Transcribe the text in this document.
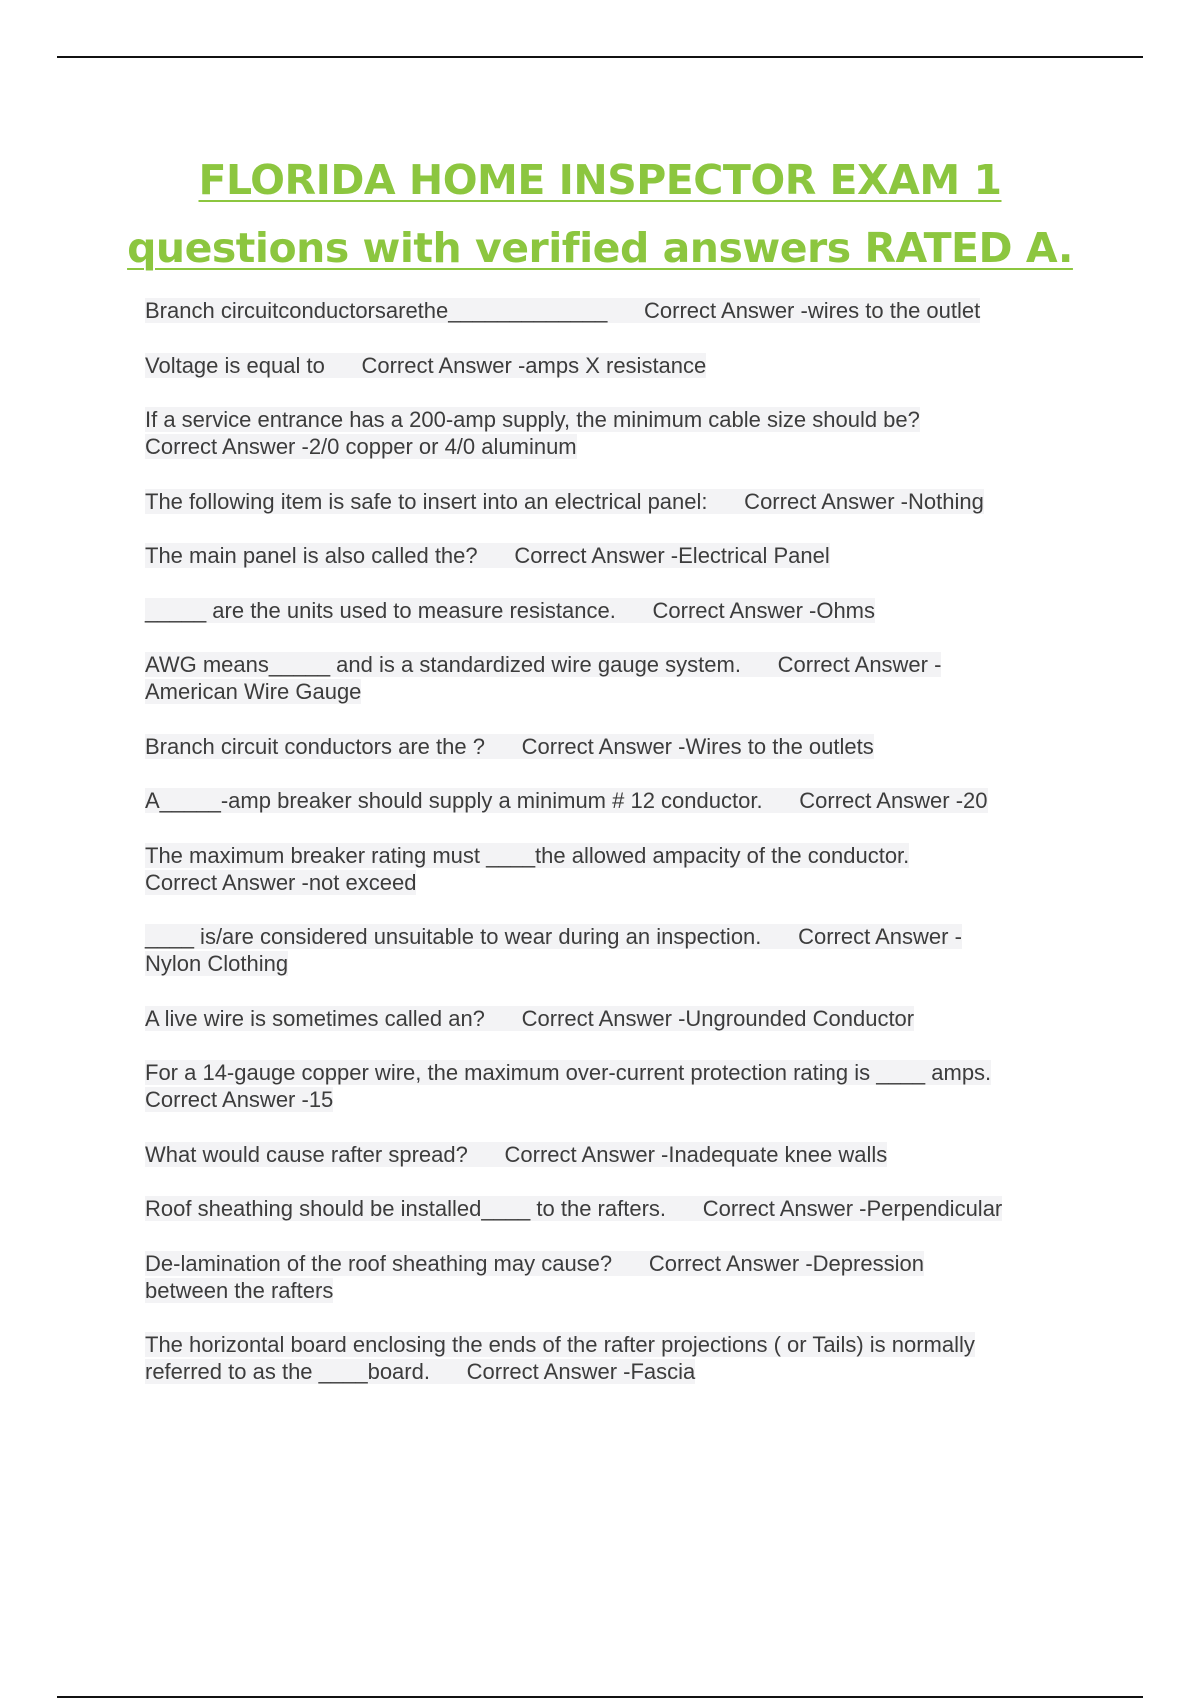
FLORIDA HOME INSPECTOR EXAM 1
questions with verified answers RATED A.
Branch circuitconductorsarethe_____________      Correct Answer -wires to the outlet
Voltage is equal to      Correct Answer -amps X resistance
If a service entrance has a 200-amp supply, the minimum cable size should be?
Correct Answer -2/0 copper or 4/0 aluminum
The following item is safe to insert into an electrical panel:      Correct Answer -Nothing
The main panel is also called the?      Correct Answer -Electrical Panel
_____ are the units used to measure resistance.      Correct Answer -Ohms
AWG means_____ and is a standardized wire gauge system.      Correct Answer -
American Wire Gauge
Branch circuit conductors are the ?      Correct Answer -Wires to the outlets
A_____-amp breaker should supply a minimum # 12 conductor.      Correct Answer -20
The maximum breaker rating must ____the allowed ampacity of the conductor.
Correct Answer -not exceed
____ is/are considered unsuitable to wear during an inspection.      Correct Answer -
Nylon Clothing
A live wire is sometimes called an?      Correct Answer -Ungrounded Conductor
For a 14-gauge copper wire, the maximum over-current protection rating is ____ amps.
Correct Answer -15
What would cause rafter spread?      Correct Answer -Inadequate knee walls
Roof sheathing should be installed____ to the rafters.      Correct Answer -Perpendicular
De-lamination of the roof sheathing may cause?      Correct Answer -Depression
between the rafters
The horizontal board enclosing the ends of the rafter projections ( or Tails) is normally
referred to as the ____board.      Correct Answer -Fascia
